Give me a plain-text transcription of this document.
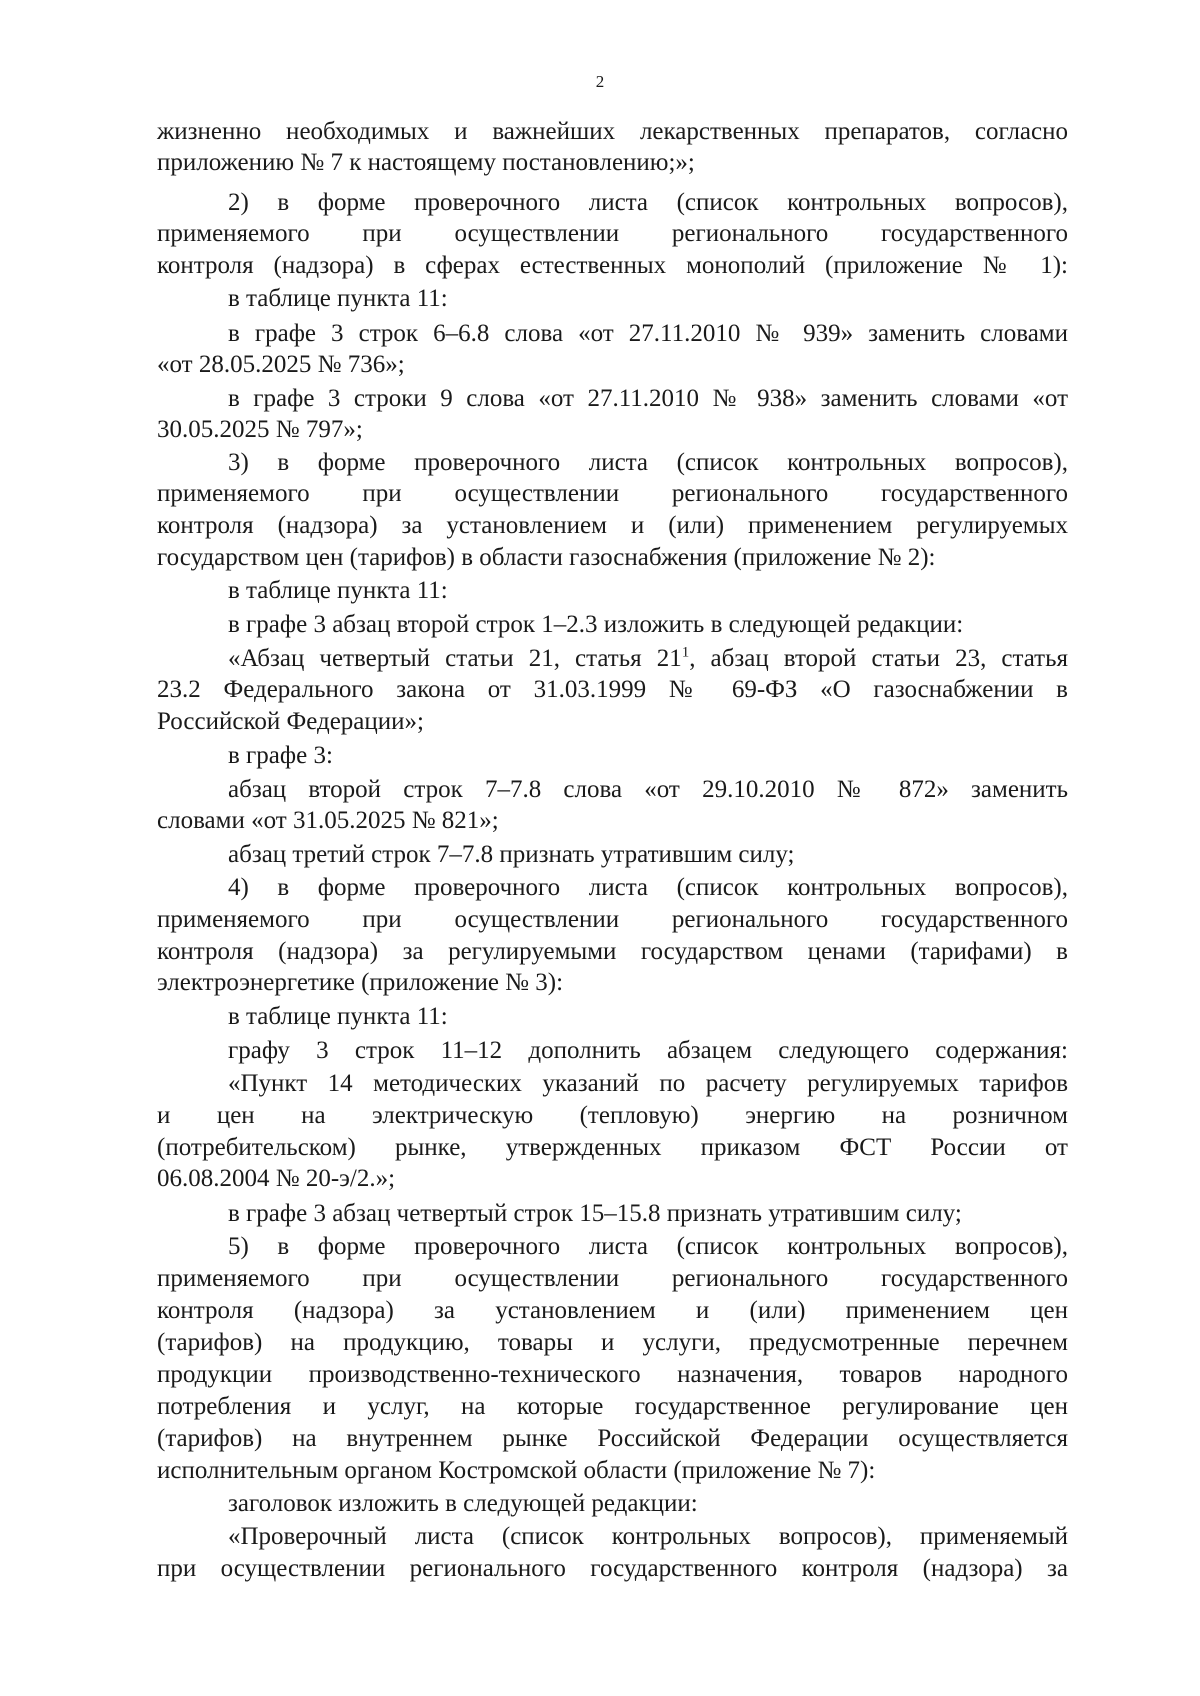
2
жизненно необходимых и важнейших лекарственных препаратов, согласно
приложению № 7 к настоящему постановлению;»;
2) в форме проверочного листа (список контрольных вопросов),
применяемого при осуществлении регионального государственного
контроля (надзора) в сферах естественных монополий (приложение № 1):
в таблице пункта 11:
в графе 3 строк 6–6.8 слова «от 27.11.2010 № 939» заменить словами
«от 28.05.2025 № 736»;
в графе 3 строки 9 слова «от 27.11.2010 № 938» заменить словами «от
30.05.2025 № 797»;
3) в форме проверочного листа (список контрольных вопросов),
применяемого при осуществлении регионального государственного
контроля (надзора) за установлением и (или) применением регулируемых
государством цен (тарифов) в области газоснабжения (приложение № 2):
в таблице пункта 11:
в графе 3 абзац второй строк 1–2.3 изложить в следующей редакции:
«Абзац четвертый статьи 21, статья $21^1$, абзац второй статьи 23, статья
23.2 Федерального закона от 31.03.1999 № 69-ФЗ «О газоснабжении в
Российской Федерации»;
в графе 3:
абзац второй строк 7–7.8 слова «от 29.10.2010 № 872» заменить
словами «от 31.05.2025 № 821»;
абзац третий строк 7–7.8 признать утратившим силу;
4) в форме проверочного листа (список контрольных вопросов),
применяемого при осуществлении регионального государственного
контроля (надзора) за регулируемыми государством ценами (тарифами) в
электроэнергетике (приложение № 3):
в таблице пункта 11:
графу 3 строк 11–12 дополнить абзацем следующего содержания:
«Пункт 14 методических указаний по расчету регулируемых тарифов
и цен на электрическую (тепловую) энергию на розничном
(потребительском) рынке, утвержденных приказом ФСТ России от
06.08.2004 № 20-э/2.»;
в графе 3 абзац четвертый строк 15–15.8 признать утратившим силу;
5) в форме проверочного листа (список контрольных вопросов),
применяемого при осуществлении регионального государственного
контроля (надзора) за установлением и (или) применением цен
(тарифов) на продукцию, товары и услуги, предусмотренные перечнем
продукции производственно-технического назначения, товаров народного
потребления и услуг, на которые государственное регулирование цен
(тарифов) на внутреннем рынке Российской Федерации осуществляется
исполнительным органом Костромской области (приложение № 7):
заголовок изложить в следующей редакции:
«Проверочный листа (список контрольных вопросов), применяемый
при осуществлении регионального государственного контроля (надзора) за
